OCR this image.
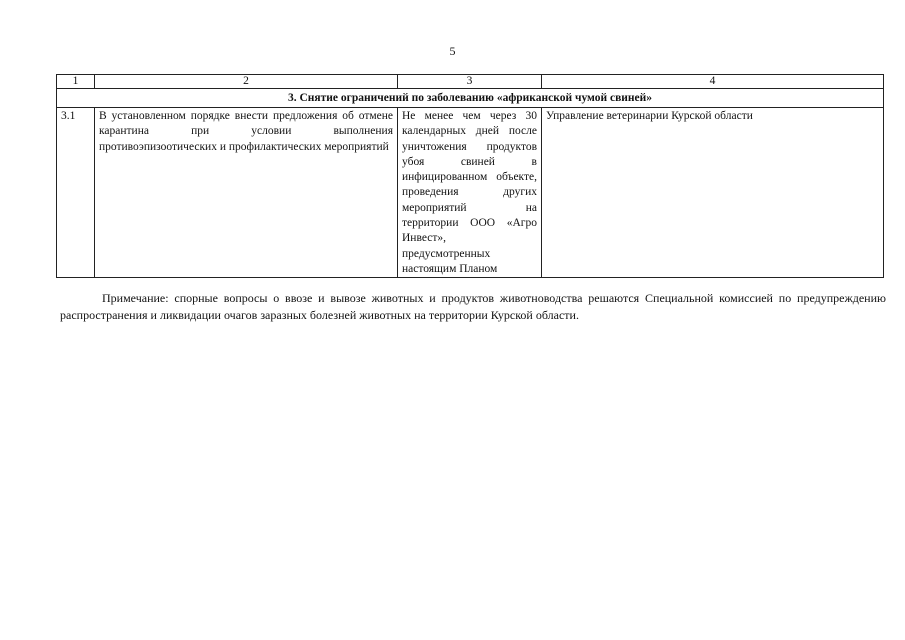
5
1	2	3	4
3. Снятие ограничений по заболеванию «африканской чумой свиней»			
3.1	В установленном порядке внести предложения об отмене карантина при условии выполнения противоэпизоотических и профилактических мероприятий	Не менее чем через 30 календарных дней после уничтожения продуктов убоя свиней в инфицированном объекте, проведения других мероприятий на территории ООО «Агро Инвест», предусмотренных настоящим Планом	Управление ветеринарии Курской области
Примечание: спорные вопросы о ввозе и вывозе животных и продуктов животноводства решаются Специальной комиссией по предупреждению распространения и ликвидации очагов заразных болезней животных на территории Курской области.
